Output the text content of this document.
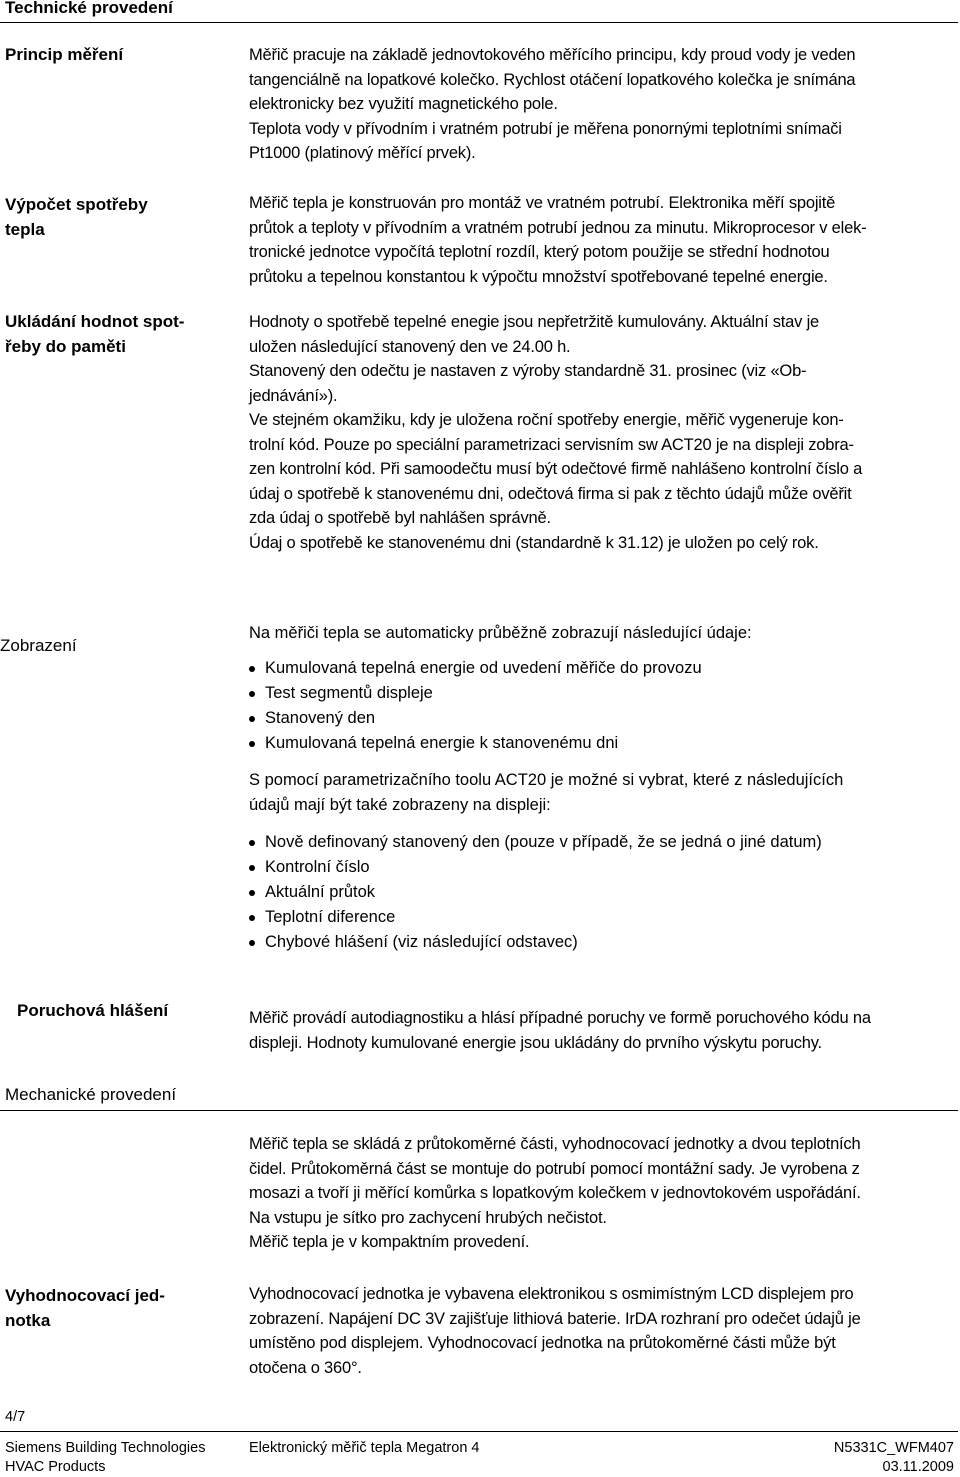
Technické provedení
Princip měření	Měřič pracuje na základě jednovtokového měřícího principu, kdy proud vody je veden

tangenciálně na lopatkové kolečko. Rychlost otáčení lopatkového kolečka je snímána

elektronicky bez využití magnetického pole.

Teplota vody v přívodním i vratném potrubí je měřena ponornými teplotními snímači

Pt1000 (platinový měřící prvek).

Výpočet spotřeby tepla

Měřič tepla je konstruován pro montáž ve vratném potrubí. Elektronika měří spojitě

průtok a teploty v přívodním a vratném potrubí jednou za minutu. Mikroprocesor v elek-

tronické jednotce vypočítá teplotní rozdíl, který potom použije se střední hodnotou

průtoku a tepelnou konstantou k výpočtu množství spotřebované tepelné energie.

Ukládání hodnot spot-řeby do paměti

Hodnoty o spotřebě tepelné enegie jsou nepřetržitě kumulovány. Aktuální stav je

uložen následující stanovený den ve 24.00 h.

Stanovený den odečtu je nastaven z výroby standardně 31. prosinec (viz «Ob-

jednávání»).

Ve stejném okamžiku, kdy je uložena roční spotřeby energie, měřič vygeneruje kon-

trolní kód. Pouze po speciální parametrizaci servisním sw ACT20 je na displeji zobra-

zen kontrolní kód. Při samoodečtu musí být odečtové firmě nahlášeno kontrolní číslo a

údaj o spotřebě k stanovenému dni, odečtová firma si pak z těchto údajů může ověřit

zda údaj o spotřebě byl nahlášen správně.

Údaj o spotřebě ke stanovenému dni (standardně k 31.12) je uložen po celý rok.

Zobrazení

Na měřiči tepla se automaticky průběžně zobrazují následující údaje:

Kumulovaná tepelná energie od uvedení měřiče do provozu
Test segmentů displeje
Stanovený den
Kumulovaná tepelná energie k stanovenému dni

S pomocí parametrizačního toolu ACT20 je možné si vybrat, které z následujících

údajů mají být také zobrazeny na displeji:

Nově definovaný stanovený den (pouze v případě, že se jedná o jiné datum)
Kontrolní číslo
Aktuální průtok
Teplotní diference
Chybové hlášení (viz následující odstavec)
Poruchová hlášení	Měřič provádí autodiagnostiku a hlásí případné poruchy ve formě poruchového kódu na

displeji. Hodnoty kumulované energie jsou ukládány do prvního výskytu poruchy.

Mechanické provedení

Měřič tepla se skládá z průtokoměrné části, vyhodnocovací jednotky a dvou teplotních

čidel. Průtokoměrná část se montuje do potrubí pomocí montážní sady. Je vyrobena z

mosazi a tvoří ji měřící komůrka s lopatkovým kolečkem v jednovtokovém uspořádání.

Na vstupu je sítko pro zachycení hrubých nečistot.

Měřič tepla je v kompaktním provedení.

Vyhodnocovací jed-notka

Vyhodnocovací jednotka je vybavena elektronikou s osmimístným LCD displejem pro

zobrazení. Napájení DC 3V zajišťuje lithiová baterie. IrDA rozhraní pro odečet údajů je

umístěno pod displejem. Vyhodnocovací jednotka na průtokoměrné části může být

otočena o 360°.

4/7
Siemens Building Technologies
HVAC Products
Elektronický měřič tepla Megatron 4	N5331C_WFM407
03.11.2009
